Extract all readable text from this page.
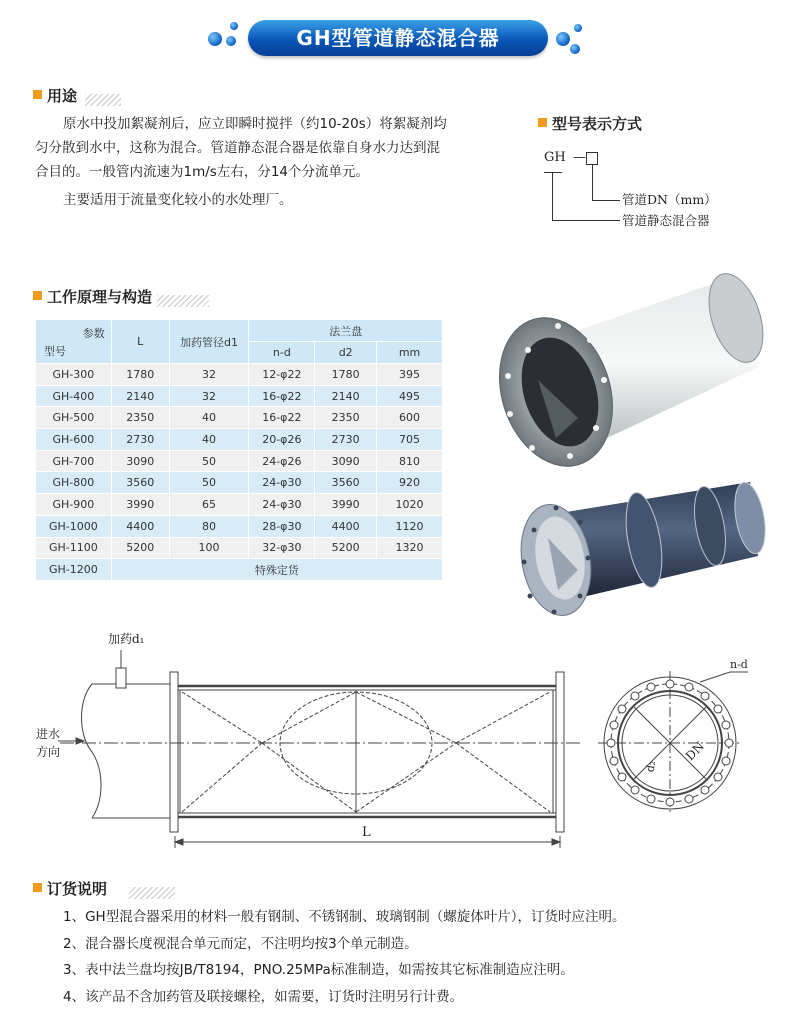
GH型管道静态混合器
用途
原水中投加絮凝剂后，应立即瞬时搅拌（约10-20s）将絮凝剂均
匀分散到水中，这称为混合。管道静态混合器是依靠自身水力达到混
合目的。一般管内流速为1m/s左右，分14个分流单元。
主要适用于流量变化较小的水处理厂。
型号表示方式
GH —
管道DN（mm）
管道静态混合器
工作原理与构造
参数
型号	L	加药管径d1	法兰盘		
			n-d	d2	mm
GH-300	1780	32	12-φ22	1780	395
GH-400	2140	32	16-φ22	2140	495
GH-500	2350	40	16-φ22	2350	600
GH-600	2730	40	20-φ26	2730	705
GH-700	3090	50	24-φ26	3090	810
GH-800	3560	50	24-φ30	3560	920
GH-900	3990	65	24-φ30	3990	1020
GH-1000	4400	80	28-φ30	4400	1120
GH-1100	5200	100	32-φ30	5200	1320
GH-1200	特殊定货				
加药d₁
进水
方向
L
n-d
DN
d₂
订货说明
1、GH型混合器采用的材料一般有钢制、不锈钢制、玻璃钢制（螺旋体叶片），订货时应注明。
2、混合器长度视混合单元而定，不注明均按3个单元制造。
3、表中法兰盘均按JB/T8194，PNO.25MPa标准制造，如需按其它标准制造应注明。
4、该产品不含加药管及联接螺栓，如需要，订货时注明另行计费。
